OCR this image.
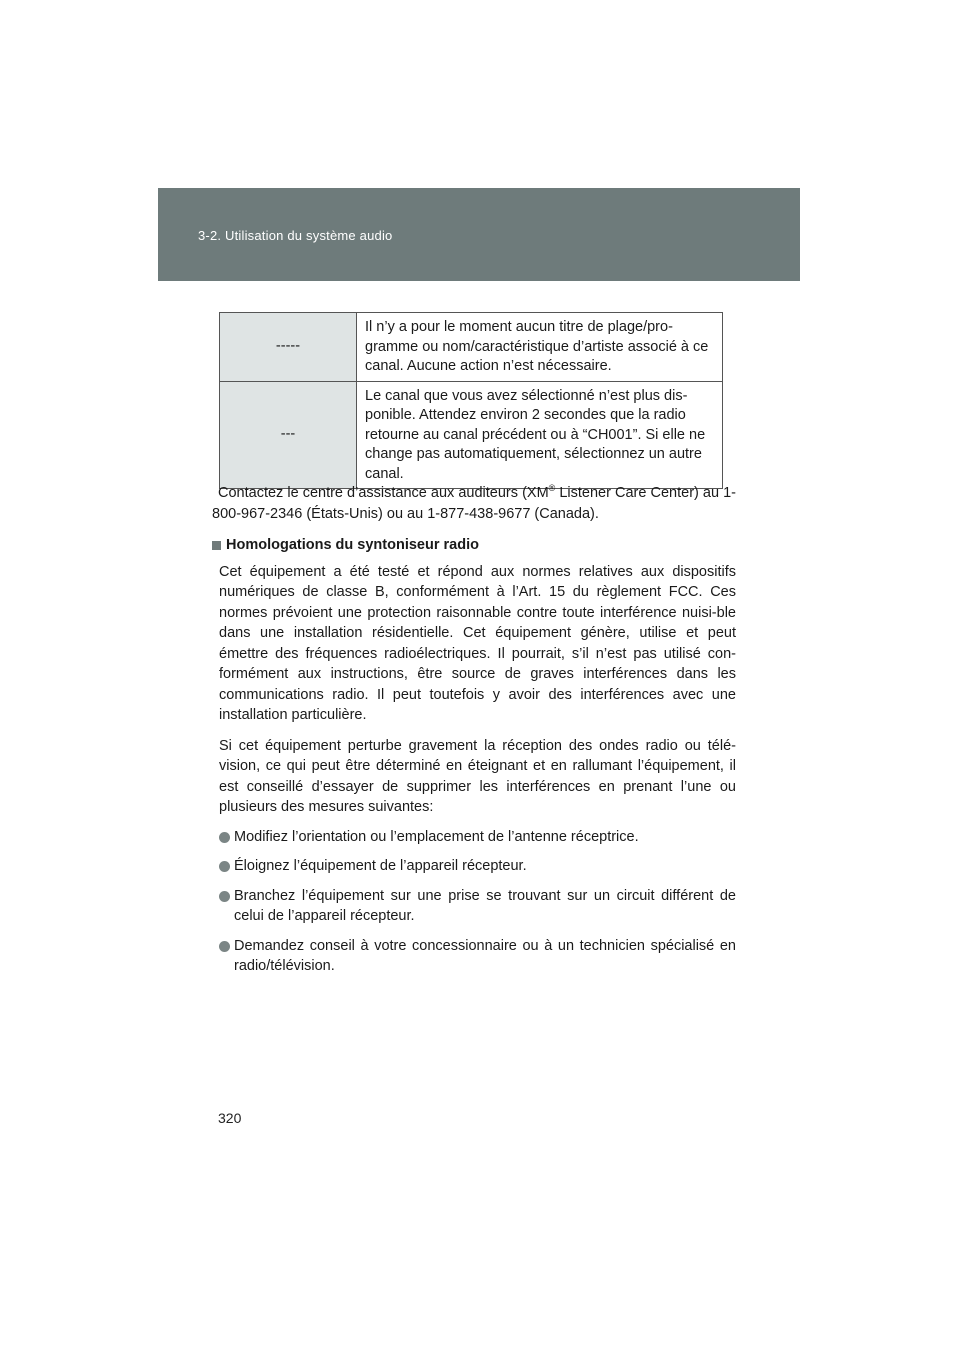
3-2. Utilisation du système audio
-----	Il n’y a pour le moment aucun titre de plage/pro-gramme ou nom/caractéristique d’artiste associé à ce canal. Aucune action n’est nécessaire.
---	Le canal que vous avez sélectionné n’est plus dis-ponible. Attendez environ 2 secondes que la radio retourne au canal précédent ou à “CH001”. Si elle ne change pas automatiquement, sélectionnez un autre canal.

Contactez le centre d’assistance aux auditeurs (XM® Listener Care Center) au 1-800-967-2346 (États-Unis) ou au 1-877-438-9677 (Canada).

Homologations du syntoniseur radio

Cet équipement a été testé et répond aux normes relatives aux dispositifs numériques de classe B, conformément à l’Art. 15 du règlement FCC. Ces normes prévoient une protection raisonnable contre toute interférence nuisi-ble dans une installation résidentielle. Cet équipement génère, utilise et peut émettre des fréquences radioélectriques. Il pourrait, s’il n’est pas utilisé con-formément aux instructions, être source de graves interférences dans les communications radio. Il peut toutefois y avoir des interférences avec une installation particulière.

Si cet équipement perturbe gravement la réception des ondes radio ou télé-vision, ce qui peut être déterminé en éteignant et en rallumant l’équipement, il est conseillé d’essayer de supprimer les interférences en prenant l’une ou plusieurs des mesures suivantes:

Modifiez l’orientation ou l’emplacement de l’antenne réceptrice.
Éloignez l’équipement de l’appareil récepteur.
Branchez l’équipement sur une prise se trouvant sur un circuit différent de celui de l’appareil récepteur.
Demandez conseil à votre concessionnaire ou à un technicien spécialisé en radio/télévision.
320
